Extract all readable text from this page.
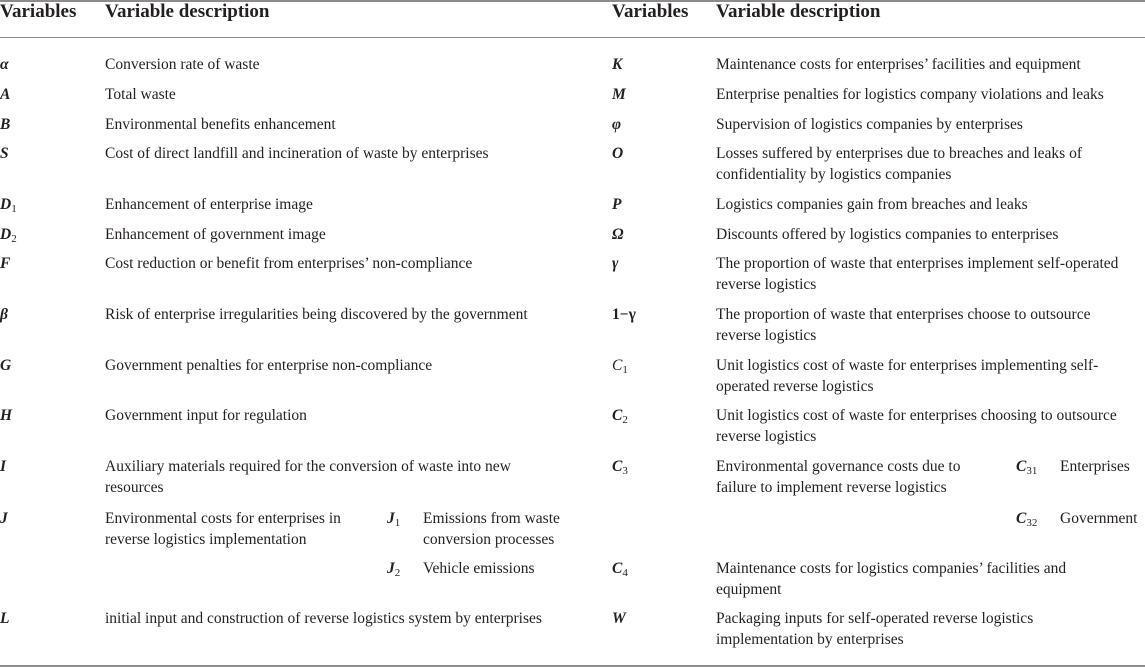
Variables Variable description	Variables Variable description
α	Conversion rate of waste
A	Total waste
B	Environmental benefits enhancement
S	Cost of direct landfill and incineration of waste by enterprises
$D_1$	Enhancement of enterprise image
$D_2$	Enhancement of government image
F	Cost reduction or benefit from enterprises’ non-compliance
β	Risk of enterprise irregularities being discovered by the government
G	Government penalties for enterprise non-compliance
H	Government input for regulation
I	Auxiliary materials required for the conversion of waste into new
resources
J	Environmental costs for enterprises in
reverse logistics implementation
$J_1$ Emissions from waste
conversion processes
$J_2$ Vehicle emissions
L	initial input and construction of reverse logistics system by enterprises
K	Maintenance costs for enterprises’ facilities and equipment
M	Enterprise penalties for logistics company violations and leaks
φ	Supervision of logistics companies by enterprises
O	Losses suffered by enterprises due to breaches and leaks of
confidentiality by logistics companies
P	Logistics companies gain from breaches and leaks
Ω	Discounts offered by logistics companies to enterprises
γ	The proportion of waste that enterprises implement self-operated
reverse logistics
1−γ	The proportion of waste that enterprises choose to outsource
reverse logistics
$C_1$	Unit logistics cost of waste for enterprises implementing self-
operated reverse logistics
$C_2$	Unit logistics cost of waste for enterprises choosing to outsource
reverse logistics
$C_3$	Environmental governance costs due to
failure to implement reverse logistics
$C_{31}$ Enterprises
$C_{32}$ Government
$C_4$	Maintenance costs for logistics companies’ facilities and
equipment
W	Packaging inputs for self-operated reverse logistics
implementation by enterprises
